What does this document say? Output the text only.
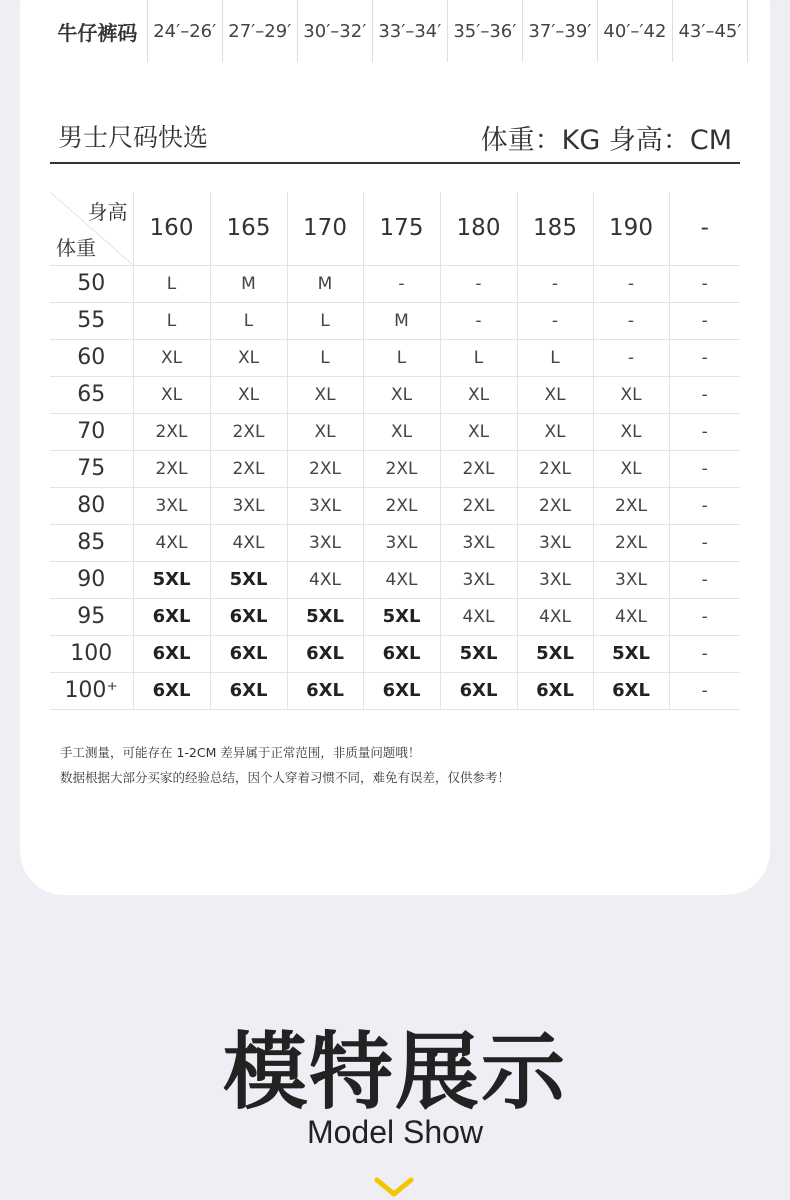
牛仔裤码 24′–26′ 27′–29′ 30′–32′ 33′–34′ 35′–36′ 37′–39′ 40′–′42 43′–45′
男士尺码快选	体重：KG 身高：CM
身高
体重	160	165	170	175	180	185	190	-
50	L	M	M	-	-	-	-	-
55	L	L	L	M	-	-	-	-
60	XL	XL	L	L	L	L	-	-
65	XL	XL	XL	XL	XL	XL	XL	-
70	2XL	2XL	XL	XL	XL	XL	XL	-
75	2XL	2XL	2XL	2XL	2XL	2XL	XL	-
80	3XL	3XL	3XL	2XL	2XL	2XL	2XL	-
85	4XL	4XL	3XL	3XL	3XL	3XL	2XL	-
90	5XL	5XL	4XL	4XL	3XL	3XL	3XL	-
95	6XL	6XL	5XL	5XL	4XL	4XL	4XL	-
100	6XL	6XL	6XL	6XL	5XL	5XL	5XL	-
100⁺	6XL	6XL	6XL	6XL	6XL	6XL	6XL	-
手工测量，可能存在 1-2CM 差异属于正常范围，非质量问题哦！
数据根据大部分买家的经验总结，因个人穿着习惯不同，难免有误差，仅供参考！
模特展示
Model Show
